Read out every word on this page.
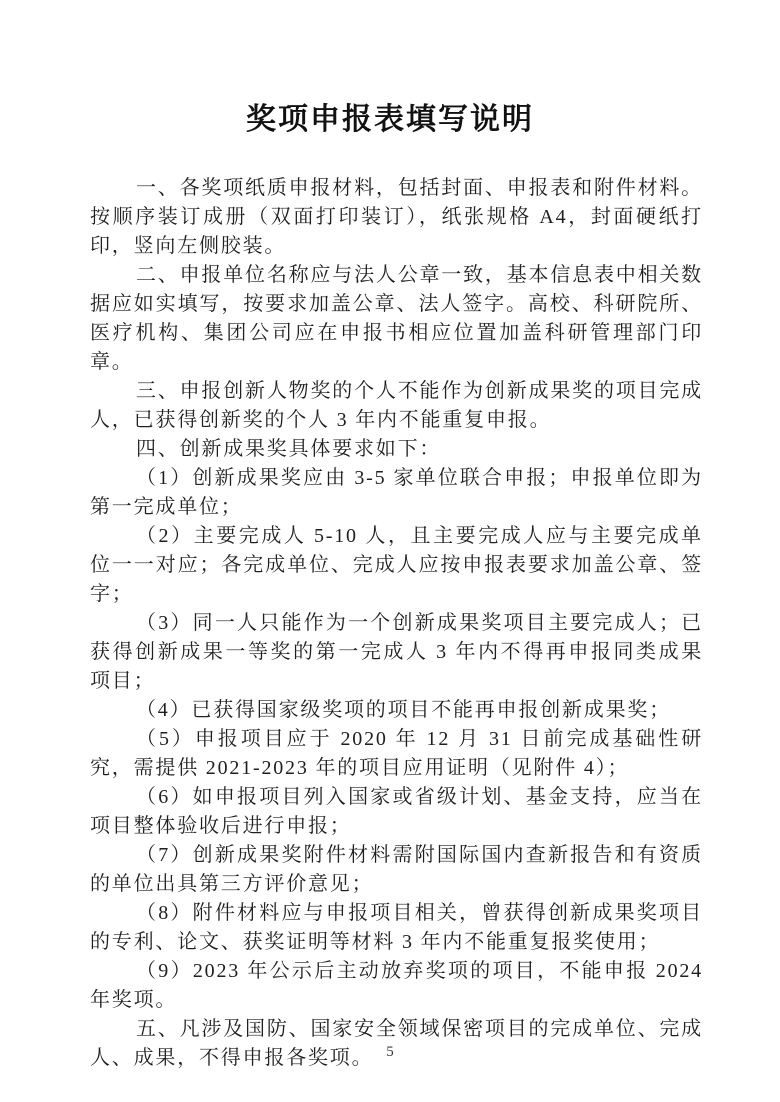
奖项申报表填写说明

一、各奖项纸质申报材料，包括封面、申报表和附件材料。按顺序装订成册（双面打印装订），纸张规格 A4，封面硬纸打印，竖向左侧胶装。

二、申报单位名称应与法人公章一致，基本信息表中相关数据应如实填写，按要求加盖公章、法人签字。高校、科研院所、医疗机构、集团公司应在申报书相应位置加盖科研管理部门印章。

三、申报创新人物奖的个人不能作为创新成果奖的项目完成人，已获得创新奖的个人 3 年内不能重复申报。

四、创新成果奖具体要求如下：

（1）创新成果奖应由 3-5 家单位联合申报；申报单位即为第一完成单位；

（2）主要完成人 5-10 人，且主要完成人应与主要完成单位一一对应；各完成单位、完成人应按申报表要求加盖公章、签字；

（3）同一人只能作为一个创新成果奖项目主要完成人；已获得创新成果一等奖的第一完成人 3 年内不得再申报同类成果项目；

（4）已获得国家级奖项的项目不能再申报创新成果奖；

（5）申报项目应于 2020 年 12 月 31 日前完成基础性研究，需提供 2021-2023 年的项目应用证明（见附件 4）；

（6）如申报项目列入国家或省级计划、基金支持，应当在项目整体验收后进行申报；

（7）创新成果奖附件材料需附国际国内查新报告和有资质的单位出具第三方评价意见；

（8）附件材料应与申报项目相关，曾获得创新成果奖项目的专利、论文、获奖证明等材料 3 年内不能重复报奖使用；

（9）2023 年公示后主动放弃奖项的项目，不能申报 2024 年奖项。

五、凡涉及国防、国家安全领域保密项目的完成单位、完成人、成果，不得申报各奖项。 5
